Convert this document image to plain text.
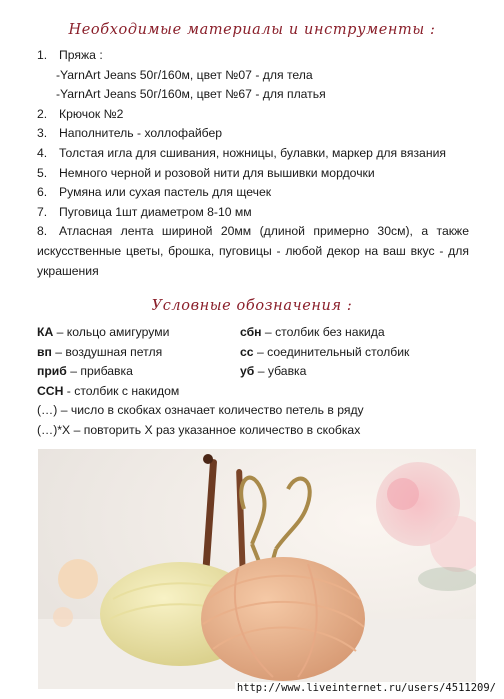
Необходимые материалы и инструменты :
1. Пряжа :
-YarnArt Jeans 50г/160м, цвет №07 - для тела
-YarnArt Jeans 50г/160м, цвет №67 - для платья
2. Крючок №2
3. Наполнитель - холлофайбер
4. Толстая игла для сшивания, ножницы, булавки, маркер для вязания
5. Немного черной и розовой нити для вышивки мордочки
6. Румяна или сухая пастель для щечек
7. Пуговица 1шт диаметром 8-10 мм
8. Атласная лента шириной 20мм (длиной примерно 30см), а также искусственные цветы, брошка, пуговицы - любой декор на ваш вкус - для украшения
Условные обозначения :
КА – кольцо амигуруми	сбн – столбик без накида
вп – воздушная петля	сс – соединительный столбик
приб – прибавка	уб – убавка
ССН - столбик с накидом
(…) – число в скобках означает количество петель в ряду
(…)*Х – повторить Х раз указанное количество в скобках
http://www.liveinternet.ru/users/4511209/
